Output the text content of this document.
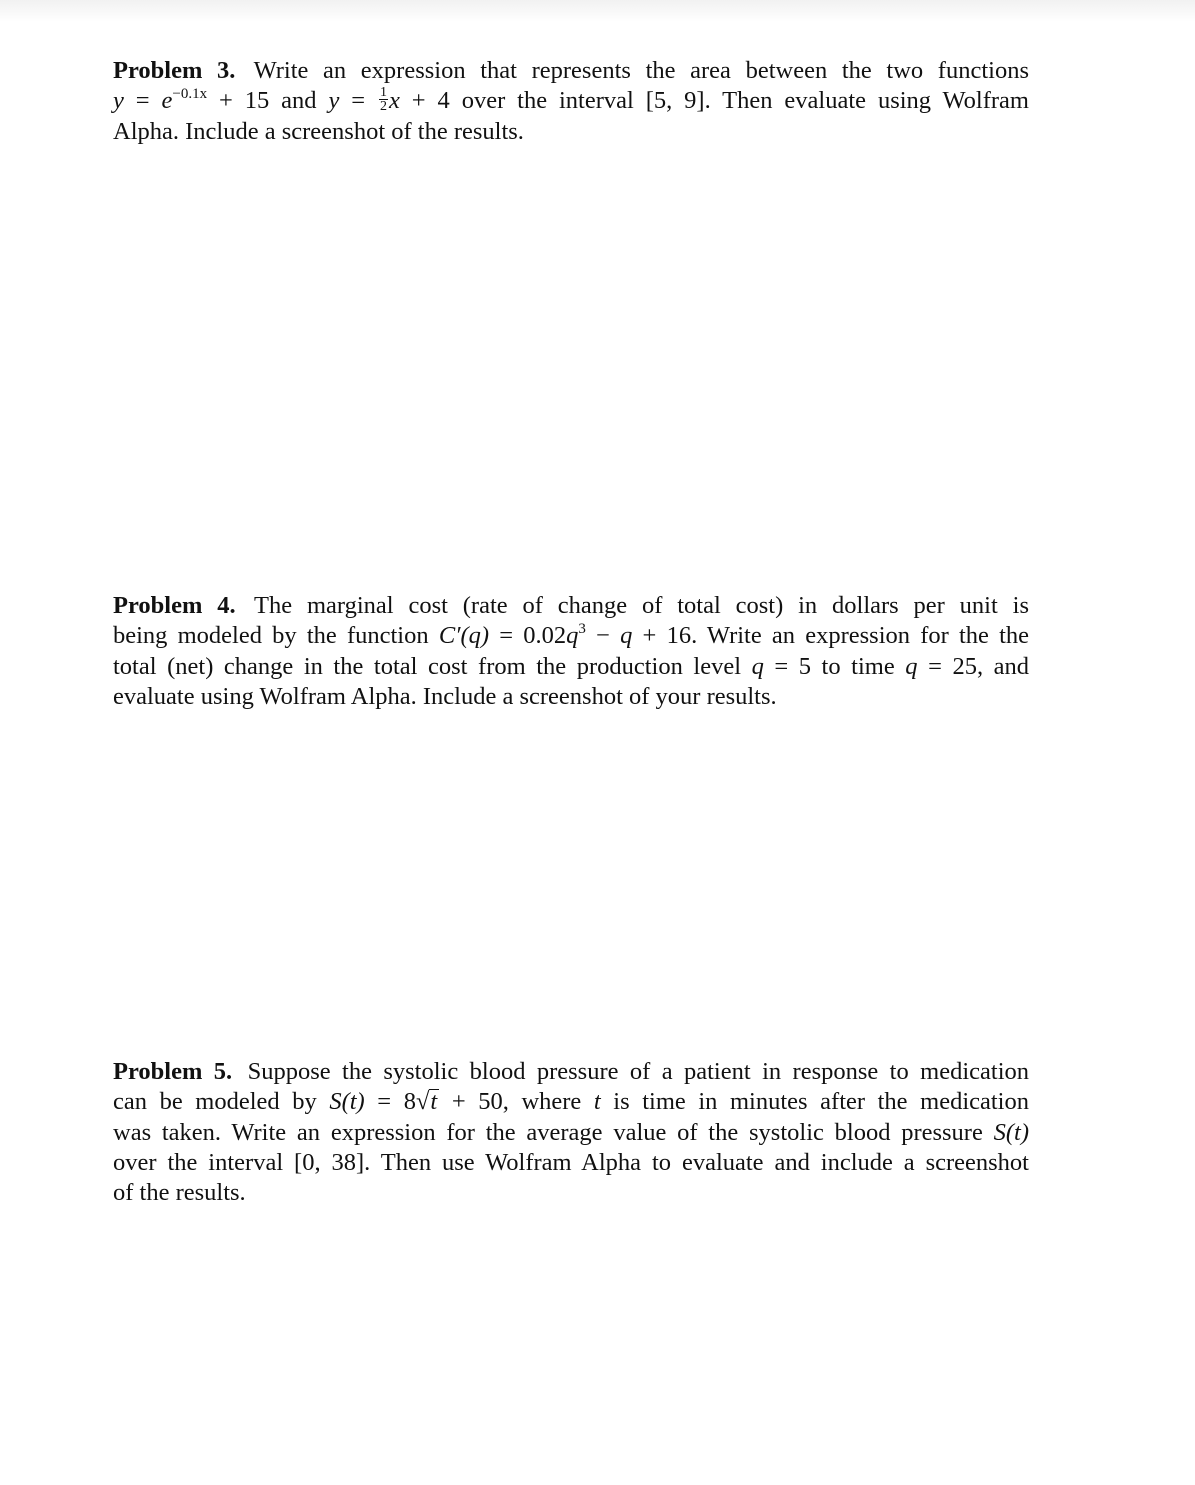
Problem 3. Write an expression that represents the area between the two functions
$y = e^{-0.1x} + 15$ and $y = \frac{1}{2}$ x + 4 over the interval [5, 9]. Then evaluate using Wolfram
Alpha. Include a screenshot of the results.
Problem 4. The marginal cost (rate of change of total cost) in dollars per unit is
being modeled by the function $C'(q) = 0.02q^3 - q + 16$. Write an expression for the the
total (net) change in the total cost from the production level q = 5 to time q = 25, and
evaluate using Wolfram Alpha. Include a screenshot of your results.
Problem 5. Suppose the systolic blood pressure of a patient in response to medication
can be modeled by S(t) = 8√t + 50, where t is time in minutes after the medication
was taken. Write an expression for the average value of the systolic blood pressure S(t)
over the interval [0, 38]. Then use Wolfram Alpha to evaluate and include a screenshot
of the results.
